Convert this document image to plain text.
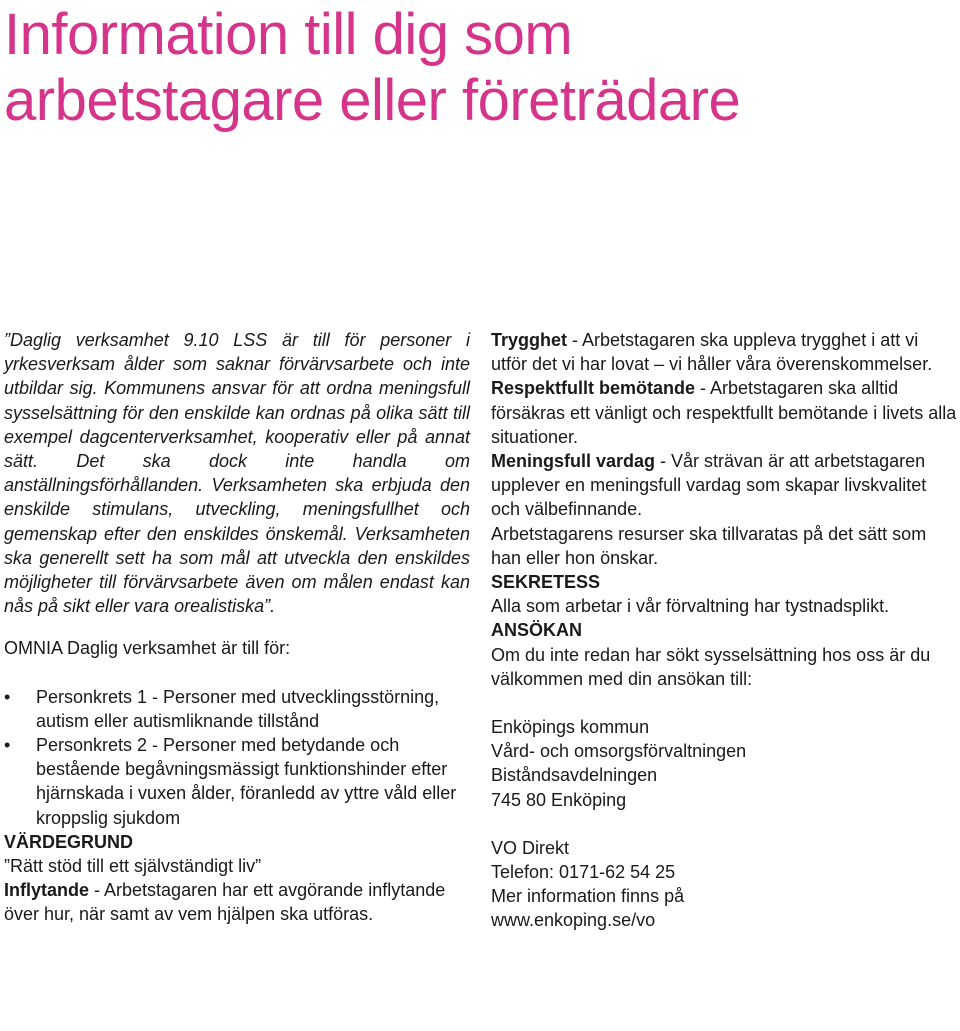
Information till dig som
arbetstagare eller företrädare

”Daglig verksamhet 9.10 LSS är till för personer i yrkesverksam ålder som saknar förvärvsarbete och inte utbildar sig. Kommunens ansvar för att ordna meningsfull sysselsättning för den enskilde kan ordnas på olika sätt till exempel dagcenterverksamhet, kooperativ eller på annat sätt. Det ska dock inte handla om anställningsförhållanden. Verksamheten ska erbjuda den enskilde stimulans, utveckling, meningsfullhet och gemenskap efter den enskildes önskemål. Verksamheten ska generellt sett ha som mål att utveckla den enskildes möjligheter till förvärvsarbete även om målen endast kan nås på sikt eller vara orealistiska”.

OMNIA Daglig verksamhet är till för:

• Personkrets 1 - Personer med utvecklingsstörning, autism eller autismliknande tillstånd
• Personkrets 2 - Personer med betydande och bestående begåvningsmässigt funktionshinder efter hjärnskada i vuxen ålder, föranledd av yttre våld eller kroppslig sjukdom

VÄRDEGRUND

”Rätt stöd till ett självständigt liv”

Inflytande - Arbetstagaren har ett avgörande inflytande över hur, när samt av vem hjälpen ska utföras.

Trygghet - Arbetstagaren ska uppleva trygghet i att vi utför det vi har lovat – vi håller våra överenskommelser.

Respektfullt bemötande - Arbetstagaren ska alltid försäkras ett vänligt och respektfullt bemötande i livets alla situationer.

Meningsfull vardag - Vår strävan är att arbetstagaren upplever en meningsfull vardag som skapar livskvalitet och välbefinnande.

Arbetstagarens resurser ska tillvaratas på det sätt som han eller hon önskar.

SEKRETESS

Alla som arbetar i vår förvaltning har tystnadsplikt.

ANSÖKAN

Om du inte redan har sökt sysselsättning hos oss är du välkommen med din ansökan till:

Enköpings kommun

Vård- och omsorgsförvaltningen

Biståndsavdelningen

745 80 Enköping

VO Direkt

Telefon: 0171-62 54 25

Mer information finns på

www.enkoping.se/vo
